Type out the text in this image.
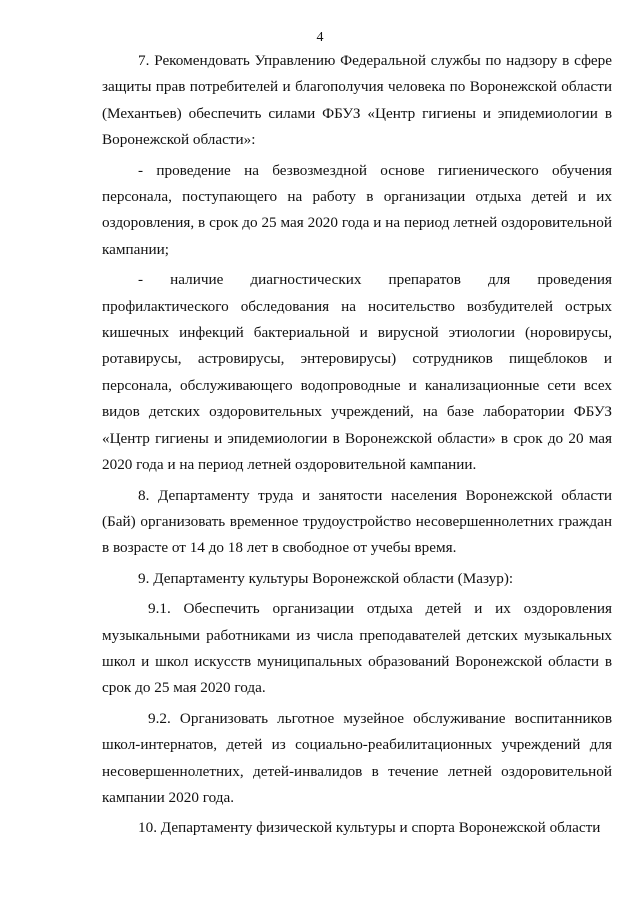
4

7. Рекомендовать Управлению Федеральной службы по надзору в сфере защиты прав потребителей и благополучия человека по Воронежской области (Механтьев) обеспечить силами ФБУЗ «Центр гигиены и эпидемиологии в Воронежской области»:

- проведение на безвозмездной основе гигиенического обучения персонала, поступающего на работу в организации отдыха детей и их оздоровления, в срок до 25 мая 2020 года и на период летней оздоровительной кампании;

- наличие диагностических препаратов для проведения профилактического обследования на носительство возбудителей острых кишечных инфекций бактериальной и вирусной этиологии (норовирусы, ротавирусы, астровирусы, энтеровирусы) сотрудников пищеблоков и персонала, обслуживающего водопроводные и канализационные сети всех видов детских оздоровительных учреждений, на базе лаборатории ФБУЗ «Центр гигиены и эпидемиологии в Воронежской области» в срок до 20 мая 2020 года и на период летней оздоровительной кампании.

8. Департаменту труда и занятости населения Воронежской области (Бай) организовать временное трудоустройство несовершеннолетних граждан в возрасте от 14 до 18 лет в свободное от учебы время.

9. Департаменту культуры Воронежской области (Мазур):

9.1. Обеспечить организации отдыха детей и их оздоровления музыкальными работниками из числа преподавателей детских музыкальных школ и школ искусств муниципальных образований Воронежской области в срок до 25 мая 2020 года.

9.2. Организовать льготное музейное обслуживание воспитанников школ-интернатов, детей из социально-реабилитационных учреждений для несовершеннолетних, детей-инвалидов в течение летней оздоровительной кампании 2020 года.

10. Департаменту физической культуры и спорта Воронежской области
